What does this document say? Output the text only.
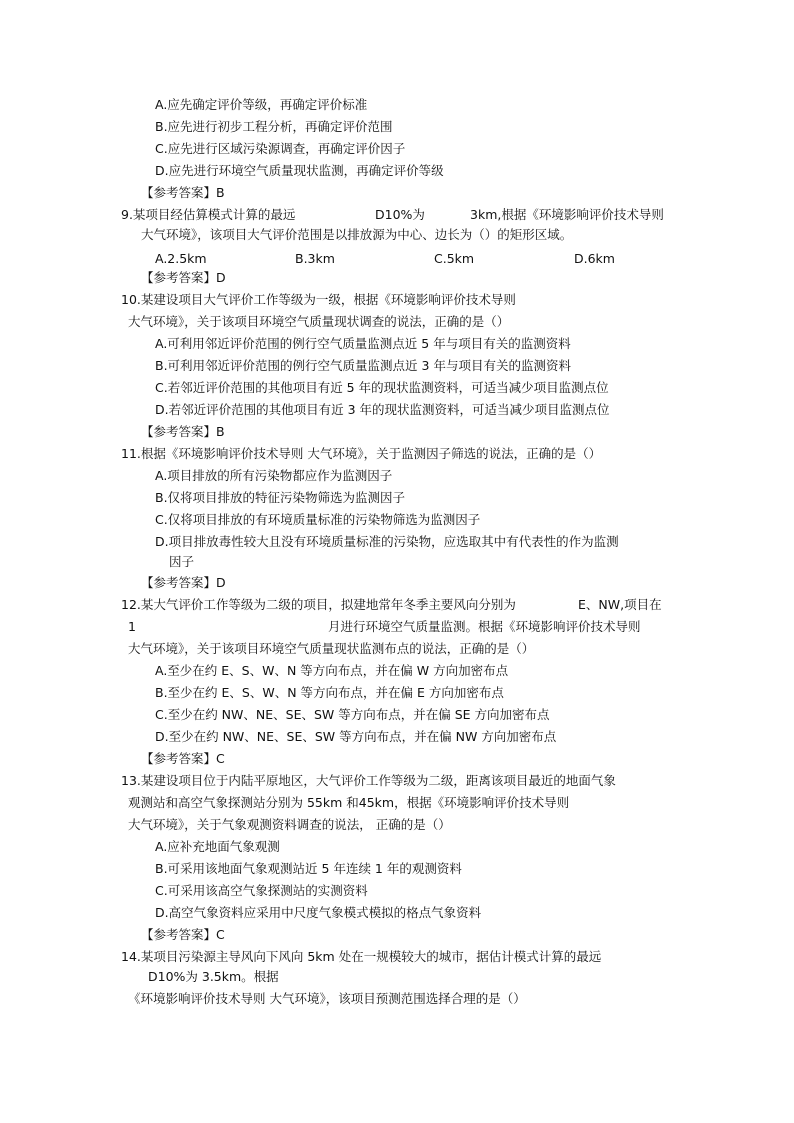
A.应先确定评价等级，再确定评价标准
B.应先进行初步工程分析，再确定评价范围
C.应先进行区域污染源调查，再确定评价因子
D.应先进行环境空气质量现状监测，再确定评价等级
【参考答案】B
9.某项目经估算模式计算的最远	D10%为	3km,根据《环境影响评价技术导则
大气环境》，该项目大气评价范围是以排放源为中心、边长为（）的矩形区域。
A.2.5km	B.3km	C.5km	D.6km
【参考答案】D
10.某建设项目大气评价工作等级为一级，根据《环境影响评价技术导则
大气环境》，关于该项目环境空气质量现状调查的说法，正确的是（）
A.可利用邻近评价范围的例行空气质量监测点近 5 年与项目有关的监测资料
B.可利用邻近评价范围的例行空气质量监测点近 3 年与项目有关的监测资料
C.若邻近评价范围的其他项目有近 5 年的现状监测资料，可适当减少项目监测点位
D.若邻近评价范围的其他项目有近 3 年的现状监测资料，可适当减少项目监测点位
【参考答案】B
11.根据《环境影响评价技术导则 大气环境》，关于监测因子筛选的说法，正确的是（）
A.项目排放的所有污染物都应作为监测因子
B.仅将项目排放的特征污染物筛选为监测因子
C.仅将项目排放的有环境质量标准的污染物筛选为监测因子
D.项目排放毒性较大且没有环境质量标准的污染物，应选取其中有代表性的作为监测
因子
【参考答案】D
12.某大气评价工作等级为二级的项目，拟建地常年冬季主要风向分别为	E、NW,项目在
1	月进行环境空气质量监测。根据《环境影响评价技术导则
大气环境》，关于该项目环境空气质量现状监测布点的说法，正确的是（）
A.至少在约 E、S、W、N 等方向布点，并在偏 W 方向加密布点
B.至少在约 E、S、W、N 等方向布点，并在偏 E 方向加密布点
C.至少在约 NW、NE、SE、SW 等方向布点，并在偏 SE 方向加密布点
D.至少在约 NW、NE、SE、SW 等方向布点，并在偏 NW 方向加密布点
【参考答案】C
13.某建设项目位于内陆平原地区，大气评价工作等级为二级，距离该项目最近的地面气象
观测站和高空气象探测站分别为 55km 和45km，根据《环境影响评价技术导则
大气环境》，关于气象观测资料调查的说法， 正确的是（）
A.应补充地面气象观测
B.可采用该地面气象观测站近 5 年连续 1 年的观测资料
C.可采用该高空气象探测站的实测资料
D.高空气象资料应采用中尺度气象模式模拟的格点气象资料
【参考答案】C
14.某项目污染源主导风向下风向 5km 处在一规模较大的城市，据估计模式计算的最远
D10%为 3.5km。根据
《环境影响评价技术导则 大气环境》，该项目预测范围选择合理的是（）
